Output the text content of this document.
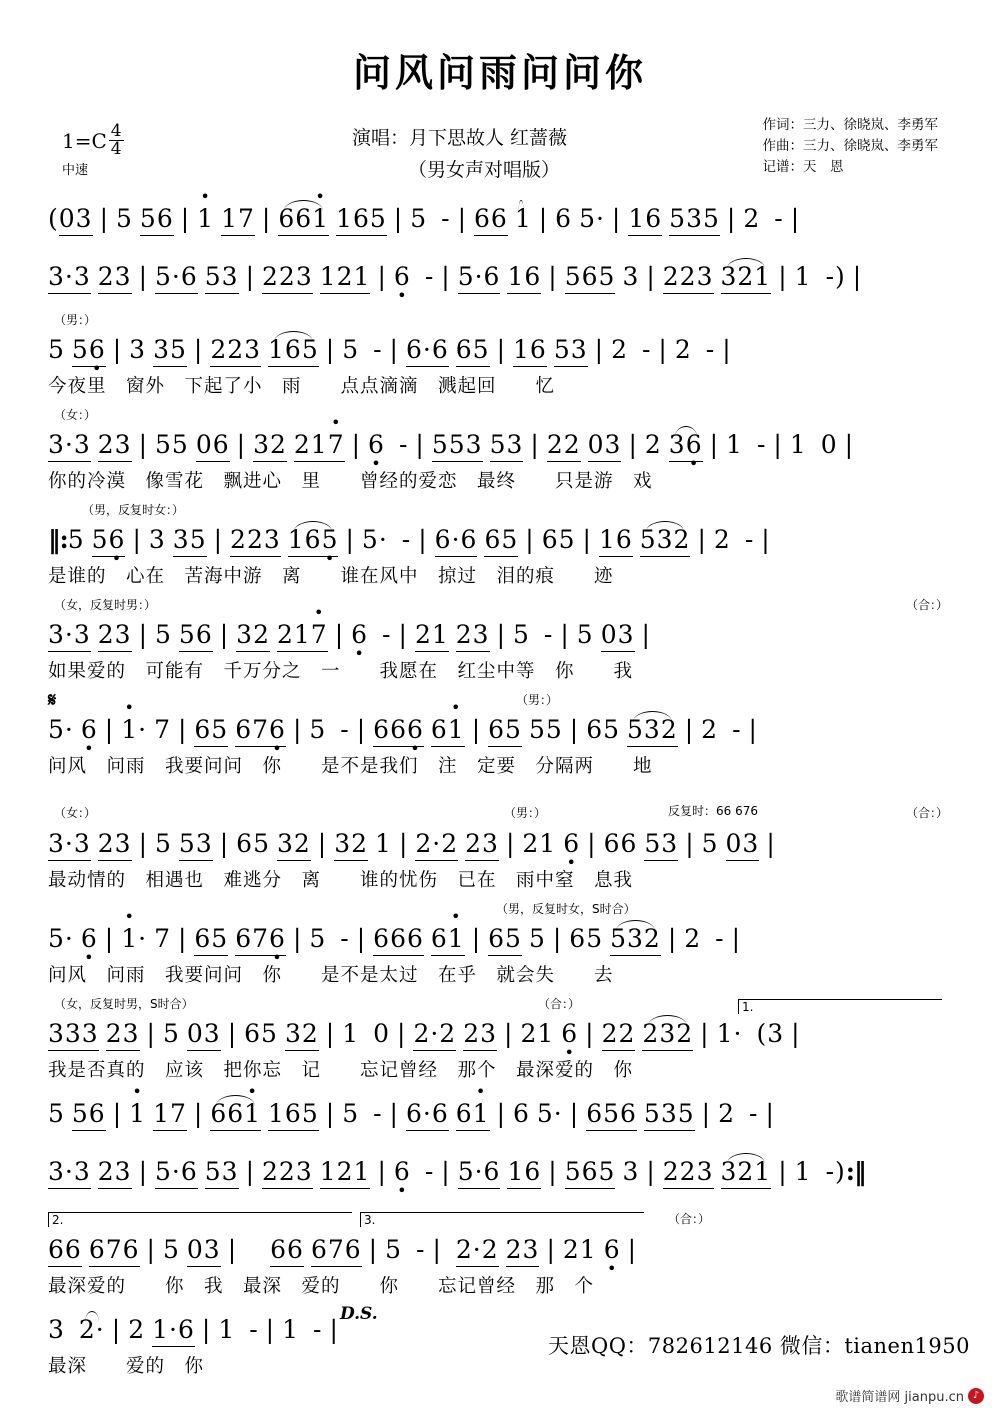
问风问雨问问你
$1=C \frac{4}{4}$
中速
演唱：月下思故人 红蔷薇
（男女声对唱版）
作词：三力、徐晓岚、李勇军
作曲：三力、徐晓岚、李勇军
记谱：天　恩
(03 | 5 56 | • 1 17 | 66• 1 165 | 5 - | 66 1 | 6 5· | 16 535 | 2 - |
3·3 23 | 5·6 53 | 223 121 | 6 • - | 5·6 16 | 565 3 | 223 321 | 1 -) |
（男：）
5 56 • | 3 35 | 223 165 | 5 - | 6·6 65 | 16 53 | 2 - | 2 - |
今夜里　窗外　下起了小　雨　　点点滴滴　溅起回　　忆
（女：）
3·3 23 | 55 06 | 32 21• 7 | 6 • - | 553 53 | 22 03 | 2 36 • | 1 - | 1 0 |
你的冷漠　像雪花　飘进心　里　　曾经的爱恋　最终　　只是游　戏
（男，反复时女：）
‖:5 56 • | 3 35 | 223 165 • | 5· - | 6·6 65 | 65 | 16 532 | 2 - |
是谁的　心在　苦海中游　离　　谁在风中　掠过　泪的痕　　迹
（女，反复时男：）	（合：）
3·3 23 | 5 56 | 32 21• 7 | 6 • - | 21 23 | 5 - | 5 03 |
如果爱的　可能有　千万分之　一　　我愿在　红尘中等　你　　我
𝄋	（男：）
5· 6 • | • 1· 7 | 65 676 • | 5 - | 666 • 6• 1 | 65 55 | 65 532 | 2 - |
问风　问雨　我要问问　你　　是不是我们　注　定要　分隔两　　地
（女：）	（男：）	反复时：66 676	（合：）
3·3 23 | 5 53 | 65 32 | 32 1 | 2·2 23 | 21 6 • | 66 53 | 5 03 |
最动情的　相遇也　难逃分　离　　谁的忧伤　已在　雨中窒　息我
（男，反复时女，S时合）
5· 6 • | • 1· 7 | 65 676 • | 5 - | 666 6• 1 | 65 5 | 65 532 | 2 - |
问风　问雨　我要问问　你　　是不是太过　在乎　就会失　　去
（女，反复时男，S时合）	（合：）	1.
333 23 | 5 03 | 65 32 | 1 0 | 2·2 23 | 21 6 • | 22 232 | 1· (3 |
我是否真的　应该　把你忘　记　　忘记曾经　那个　最深爱的　你
5 56 | • 1 17 | 66• 1 165 | 5 - | 6·6 6• 1 | 6 5· | 656 535 | 2 - |
3·3 23 | 5·6 53 | 223 121 | 6 • - | 5·6 16 | 565 3 | 223 321 | 1 -):‖
2.	3.	（合：）
66 676 | 5 03 | 66 676 | 5 - | 2·2 23 | 21 6 • |
最深爱的　　你　我　最深　爱的　　你　　忘记曾经　那　个
D.S.
3 2· | 2 1·6 | 1 - | 1 - |
最深　　爱的　你
天恩QQ：782612146 微信：tianen1950
歌谱简谱网 jianpu.cn ♪
